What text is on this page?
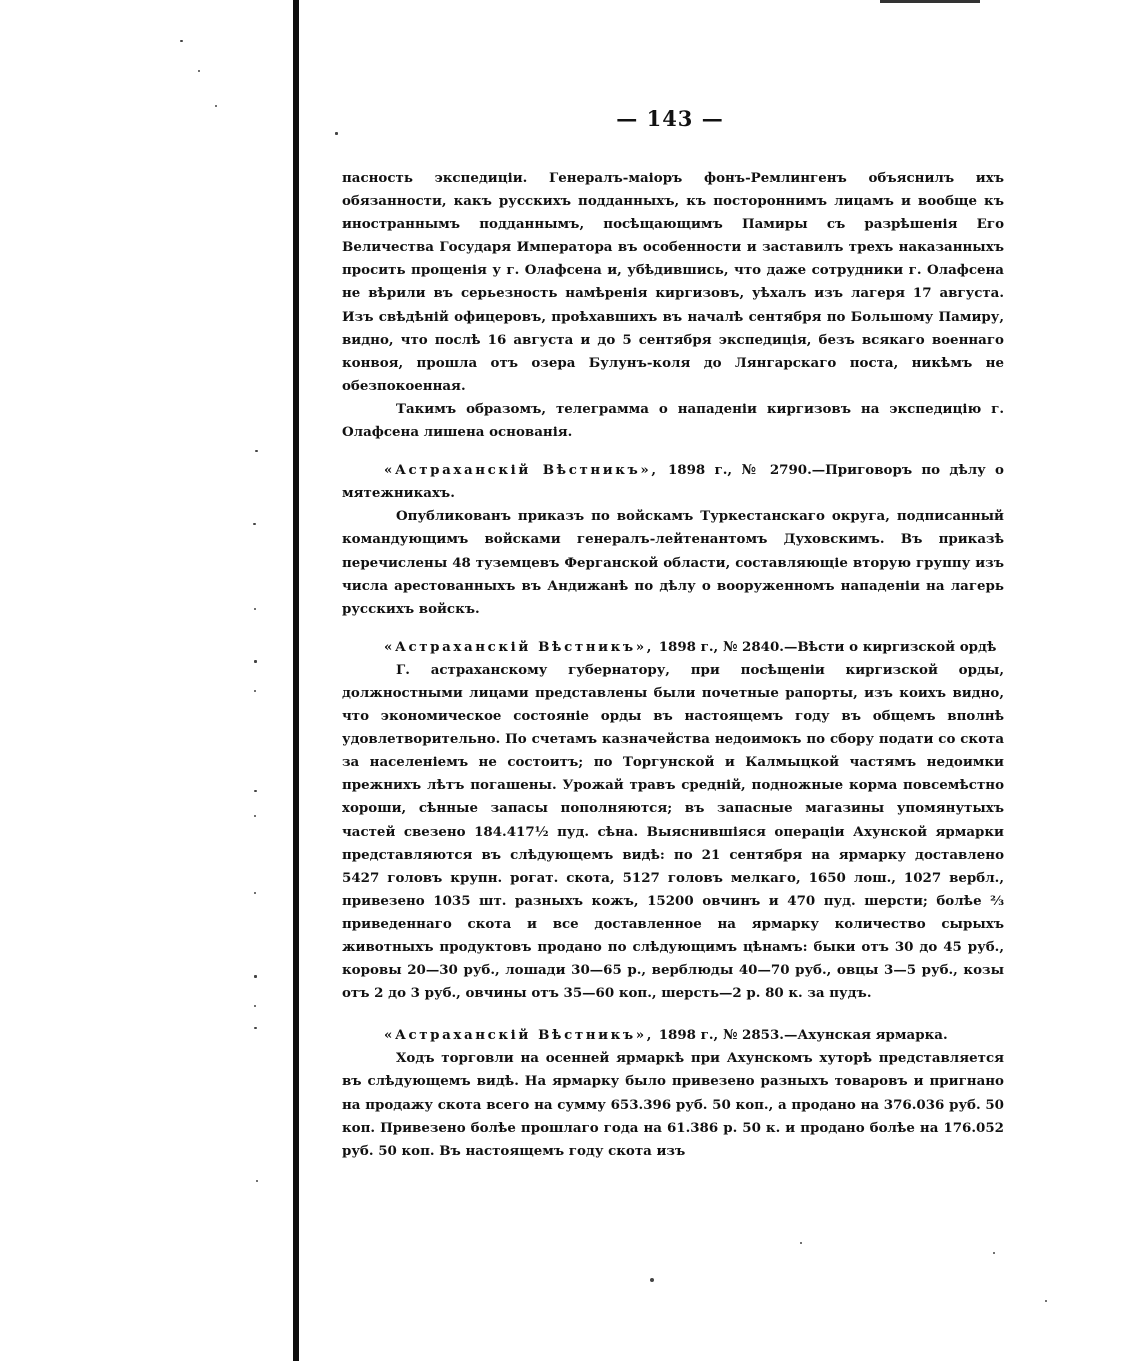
— 143 —

пасность экспедиціи. Генералъ-маіоръ фонъ-Ремлингенъ объяснилъ ихъ обязанности, какъ русскихъ подданныхъ, къ постороннимъ лицамъ и вообще къ иностраннымъ подданнымъ, посѣщающимъ Памиры съ разрѣшенія Его Величества Государя Императора въ особенности и заставилъ трехъ наказанныхъ просить прощенія у г. Олафсена и, убѣдившись, что даже сотрудники г. Олафсена не вѣрили въ серьезность намѣренія киргизовъ, уѣхалъ изъ лагеря 17 августа. Изъ свѣдѣній офицеровъ, проѣхавшихъ въ началѣ сентября по Большому Памиру, видно, что послѣ 16 августа и до 5 сентября экспедиція, безъ всякаго военнаго конвоя, прошла отъ озера Булунъ-коля до Лянгарскаго поста, никѣмъ не обезпокоенная.

Такимъ образомъ, телеграмма о нападеніи киргизовъ на экспедицію г. Олафсена лишена основанія.

«Астраханскій Вѣстникъ», 1898 г., № 2790.—Приговоръ по дѣлу о мятежникахъ.

Опубликованъ приказъ по войскамъ Туркестанскаго округа, подписанный командующимъ войсками генералъ-лейтенантомъ Духовскимъ. Въ приказѣ перечислены 48 туземцевъ Ферганской области, составляющіе вторую группу изъ числа арестованныхъ въ Андижанѣ по дѣлу о вооруженномъ нападеніи на лагерь русскихъ войскъ.

«Астраханскій Вѣстникъ», 1898 г., № 2840.—Вѣсти о киргизской ордѣ

Г. астраханскому губернатору, при посѣщеніи киргизской орды, должностными лицами представлены были почетные рапорты, изъ коихъ видно, что экономическое состояніе орды въ настоящемъ году въ общемъ вполнѣ удовлетворительно. По счетамъ казначейства недоимокъ по сбору подати со скота за населеніемъ не состоитъ; по Торгунской и Калмыцкой частямъ недоимки прежнихъ лѣтъ погашены. Урожай травъ средній, подножные корма повсемѣстно хороши, сѣнные запасы пополняются; въ запасные магазины упомянутыхъ частей свезено 184.417½ пуд. сѣна. Выяснившіяся операціи Ахунской ярмарки представляются въ слѣдующемъ видѣ: по 21 сентября на ярмарку доставлено 5427 головъ крупн. рогат. скота, 5127 головъ мелкаго, 1650 лош., 1027 вербл., привезено 1035 шт. разныхъ кожъ, 15200 овчинъ и 470 пуд. шерсти; болѣе ⅔ приведеннаго скота и все доставленное на ярмарку количество сырыхъ животныхъ продуктовъ продано по слѣдующимъ цѣнамъ: быки отъ 30 до 45 руб., коровы 20—30 руб., лошади 30—65 р., верблюды 40—70 руб., овцы 3—5 руб., козы отъ 2 до 3 руб., овчины отъ 35—60 коп., шерсть—2 р. 80 к. за пудъ.

«Астраханскій Вѣстникъ», 1898 г., № 2853.—Ахунская ярмарка.

Ходъ торговли на осенней ярмаркѣ при Ахунскомъ хуторѣ представляется въ слѣдующемъ видѣ. На ярмарку было привезено разныхъ товаровъ и пригнано на продажу скота всего на сумму 653.396 руб. 50 коп., а продано на 376.036 руб. 50 коп. Привезено болѣе прошлаго года на 61.386 р. 50 к. и продано болѣе на 176.052 руб. 50 коп. Въ настоящемъ году скота изъ
